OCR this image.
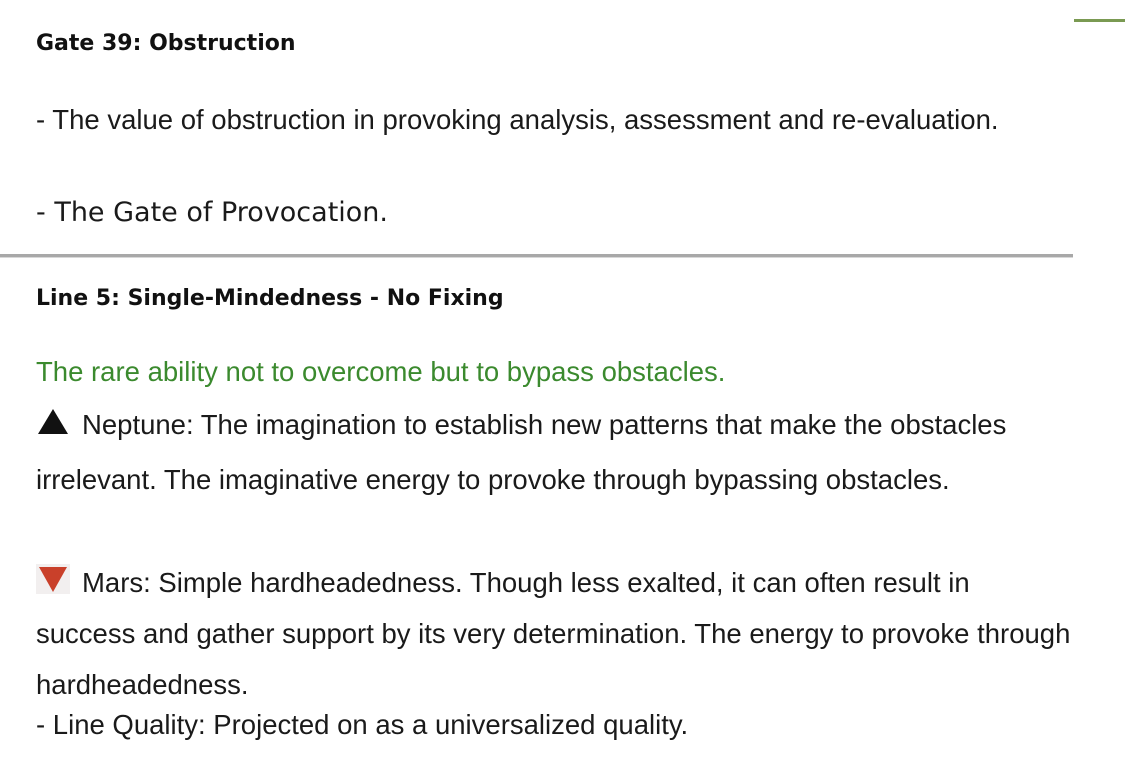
Gate 39: Obstruction

- The value of obstruction in provoking analysis, assessment and re-evaluation.

- The Gate of Provocation.

Line 5: Single-Mindedness - No Fixing

The rare ability not to overcome but to bypass obstacles.

Neptune: The imagination to establish new patterns that make the obstacles irrelevant. The imaginative energy to provoke through bypassing obstacles.

Mars: Simple hardheadedness. Though less exalted, it can often result in success and gather support by its very determination. The energy to provoke through hardheadedness.

- Line Quality: Projected on as a universalized quality.
